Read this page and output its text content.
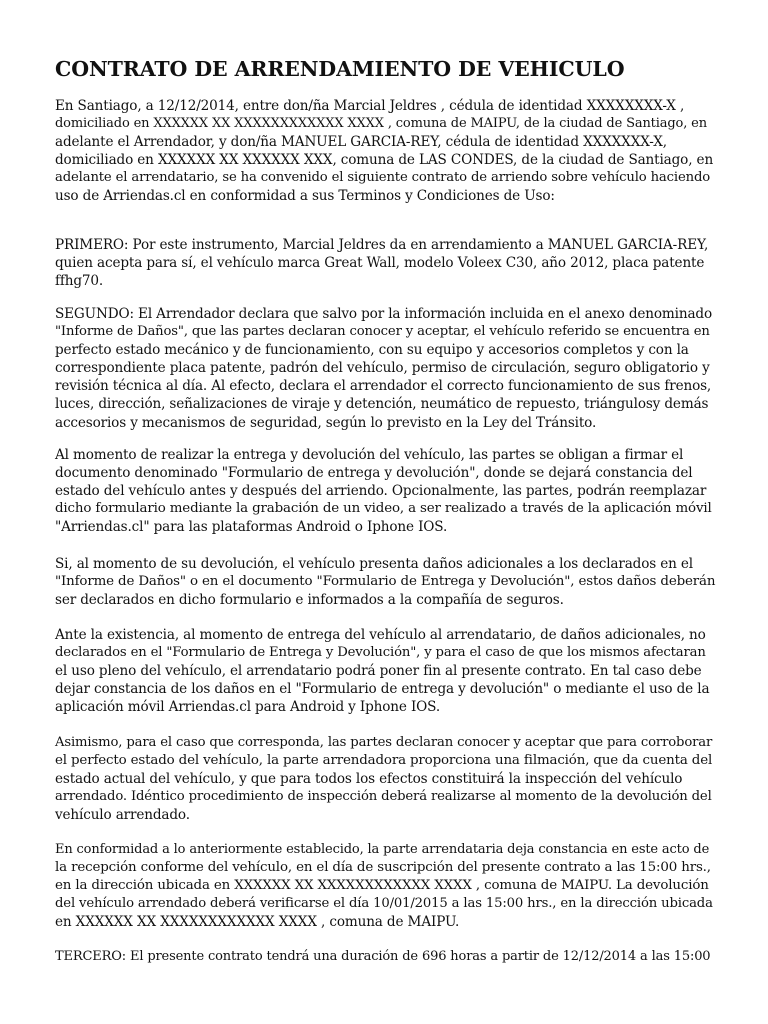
CONTRATO DE ARRENDAMIENTO DE VEHICULO

En Santiago, a 12/12/2014, entre don/ña Marcial Jeldres , cédula de identidad XXXXXXXX-X ,
domiciliado en XXXXXX XX XXXXXXXXXXXX XXXX , comuna de MAIPU, de la ciudad de Santiago, en
adelante el Arrendador, y don/ña MANUEL GARCIA-REY, cédula de identidad XXXXXXX-X,
domiciliado en XXXXXX XX XXXXXX XXX, comuna de LAS CONDES, de la ciudad de Santiago, en
adelante el arrendatario, se ha convenido el siguiente contrato de arriendo sobre vehículo haciendo
uso de Arriendas.cl en conformidad a sus Terminos y Condiciones de Uso:

PRIMERO: Por este instrumento, Marcial Jeldres da en arrendamiento a MANUEL GARCIA-REY,
quien acepta para sí, el vehículo marca Great Wall, modelo Voleex C30, año 2012, placa patente
ffhg70.

SEGUNDO: El Arrendador declara que salvo por la información incluida en el anexo denominado
"Informe de Daños", que las partes declaran conocer y aceptar, el vehículo referido se encuentra en
perfecto estado mecánico y de funcionamiento, con su equipo y accesorios completos y con la
correspondiente placa patente, padrón del vehículo, permiso de circulación, seguro obligatorio y
revisión técnica al día. Al efecto, declara el arrendador el correcto funcionamiento de sus frenos,
luces, dirección, señalizaciones de viraje y detención, neumático de repuesto, triángulosy demás
accesorios y mecanismos de seguridad, según lo previsto en la Ley del Tránsito.

Al momento de realizar la entrega y devolución del vehículo, las partes se obligan a firmar el
documento denominado "Formulario de entrega y devolución", donde se dejará constancia del
estado del vehículo antes y después del arriendo. Opcionalmente, las partes, podrán reemplazar
dicho formulario mediante la grabación de un video, a ser realizado a través de la aplicación móvil
"Arriendas.cl" para las plataformas Android o Iphone IOS.

Si, al momento de su devolución, el vehículo presenta daños adicionales a los declarados en el
"Informe de Daños" o en el documento "Formulario de Entrega y Devolución", estos daños deberán
ser declarados en dicho formulario e informados a la compañía de seguros.

Ante la existencia, al momento de entrega del vehículo al arrendatario, de daños adicionales, no
declarados en el "Formulario de Entrega y Devolución", y para el caso de que los mismos afectaran
el uso pleno del vehículo, el arrendatario podrá poner fin al presente contrato. En tal caso debe
dejar constancia de los daños en el "Formulario de entrega y devolución" o mediante el uso de la
aplicación móvil Arriendas.cl para Android y Iphone IOS.

Asimismo, para el caso que corresponda, las partes declaran conocer y aceptar que para corroborar
el perfecto estado del vehículo, la parte arrendadora proporciona una filmación, que da cuenta del
estado actual del vehículo, y que para todos los efectos constituirá la inspección del vehículo
arrendado. Idéntico procedimiento de inspección deberá realizarse al momento de la devolución del
vehículo arrendado.

En conformidad a lo anteriormente establecido, la parte arrendataria deja constancia en este acto de
la recepción conforme del vehículo, en el día de suscripción del presente contrato a las 15:00 hrs.,
en la dirección ubicada en XXXXXX XX XXXXXXXXXXXX XXXX , comuna de MAIPU. La devolución
del vehículo arrendado deberá verificarse el día 10/01/2015 a las 15:00 hrs., en la dirección ubicada
en XXXXXX XX XXXXXXXXXXXX XXXX , comuna de MAIPU.

TERCERO: El presente contrato tendrá una duración de 696 horas a partir de 12/12/2014 a las 15:00
